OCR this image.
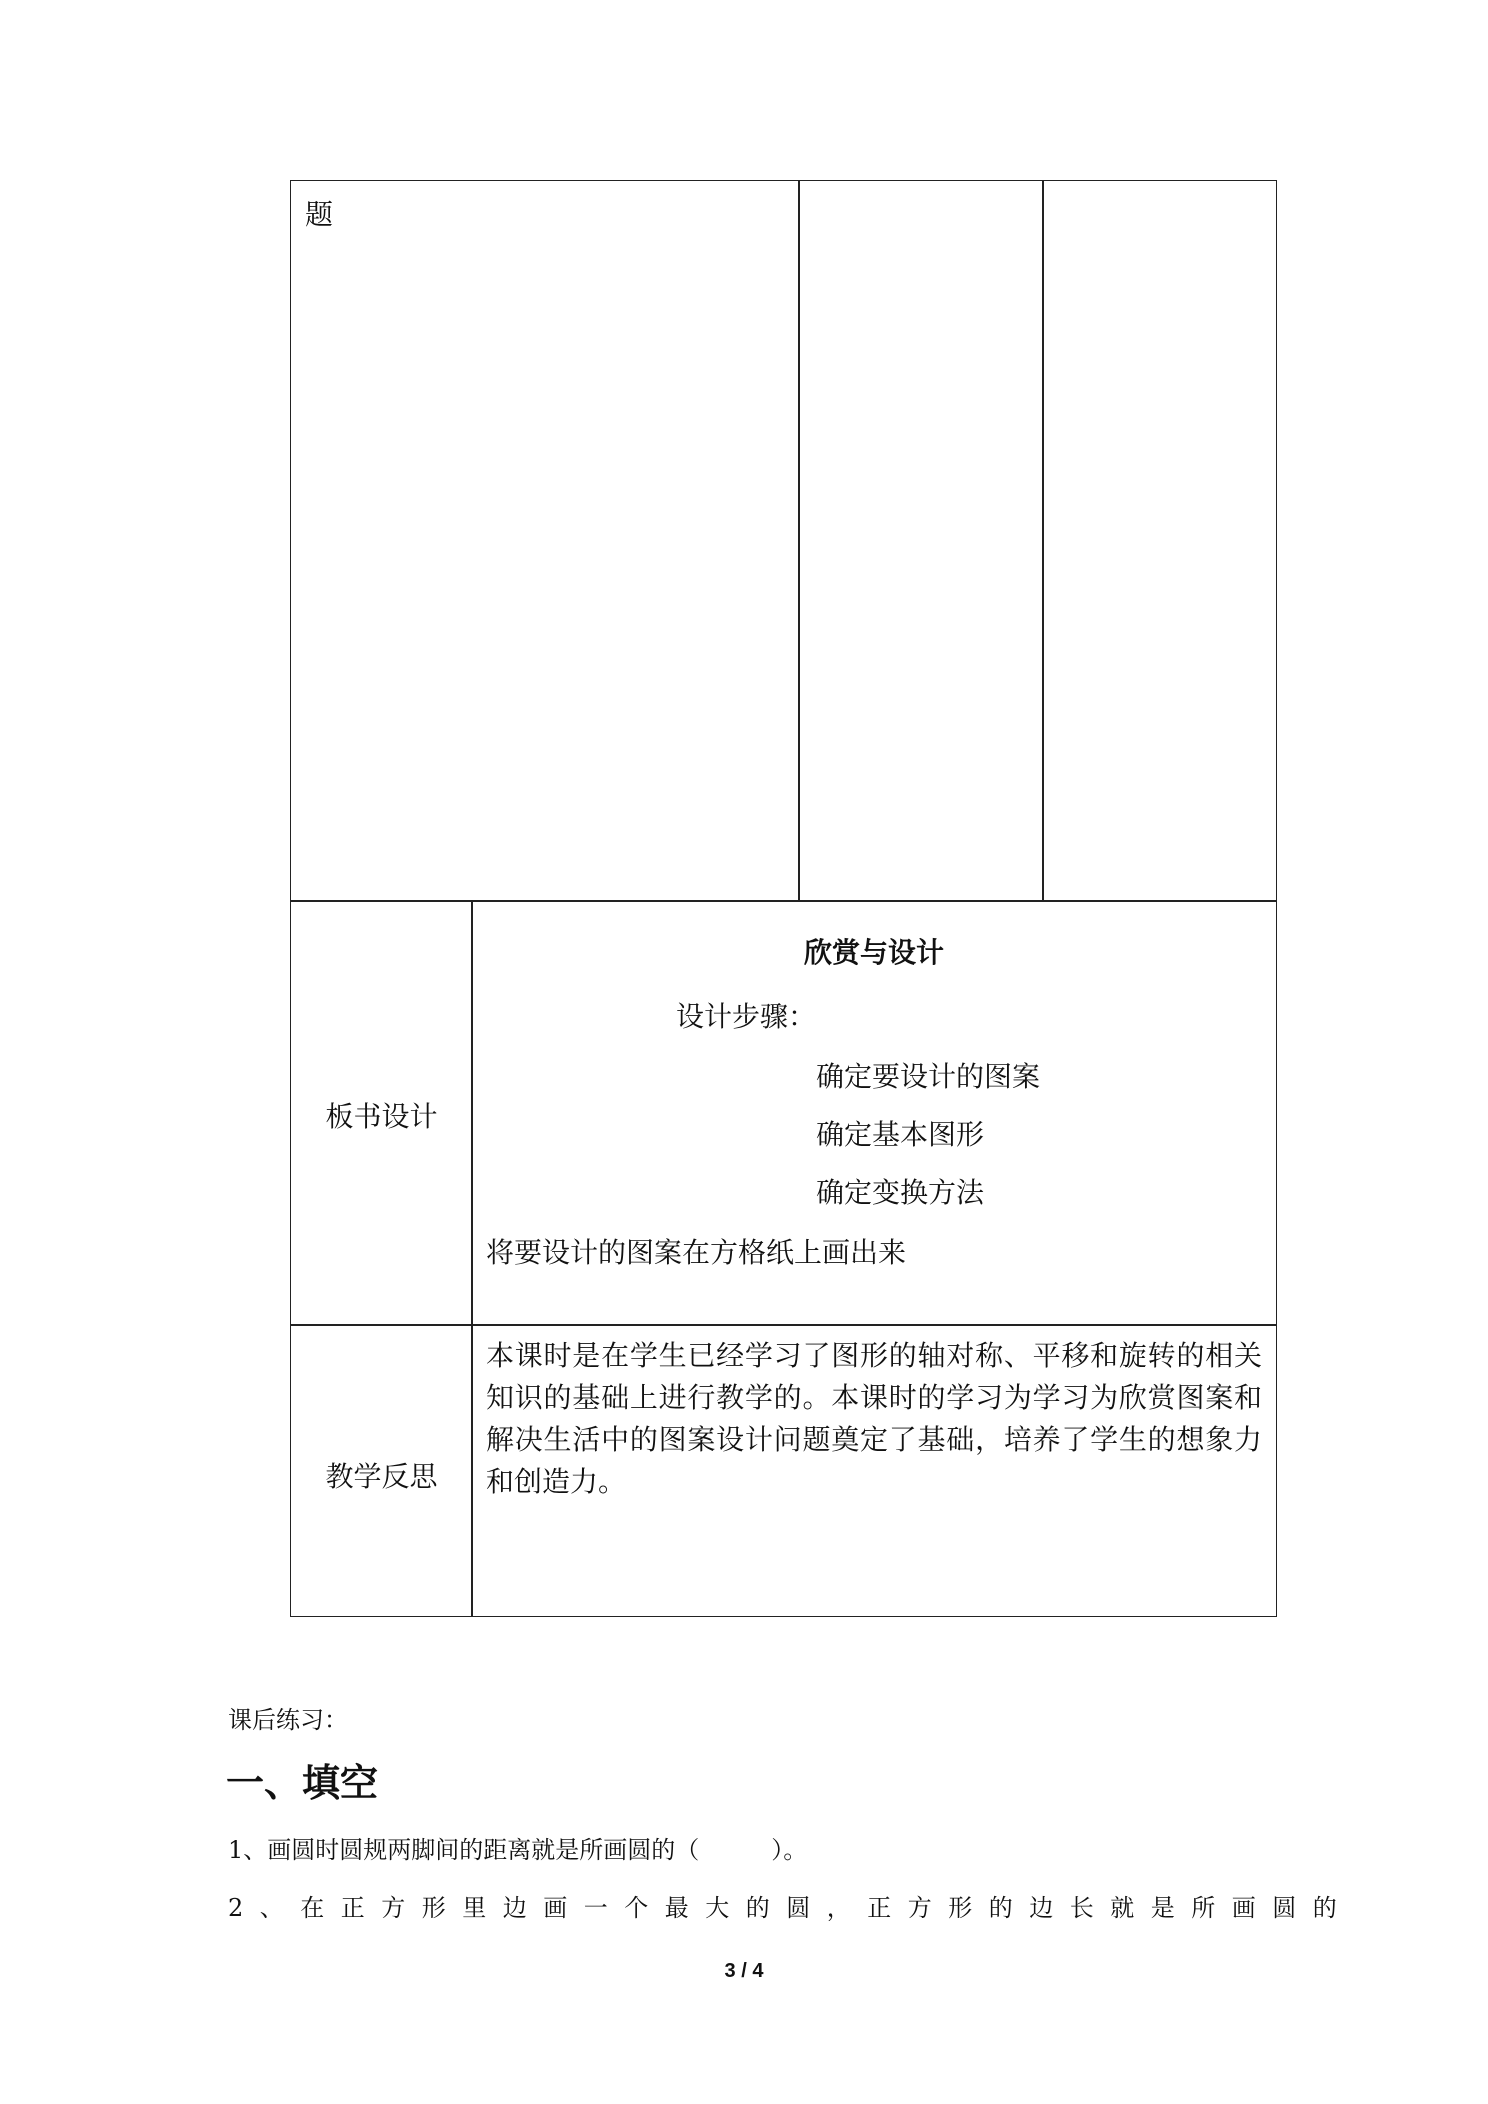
题
板书设计
欣赏与设计
设计步骤：
确定要设计的图案
确定基本图形
确定变换方法
将要设计的图案在方格纸上画出来
教学反思
本课时是在学生已经学习了图形的轴对称、平移和旋转的相关知识的基础上进行教学的。本课时的学习为学习为欣赏图案和解决生活中的图案设计问题奠定了基础，培养了学生的想象力和创造力。
课后练习：
一、填空
1、画圆时圆规两脚间的距离就是所画圆的（　　　）。
2、在正方形里边画一个最大的圆，正方形的边长就是所画圆的
3 / 4
